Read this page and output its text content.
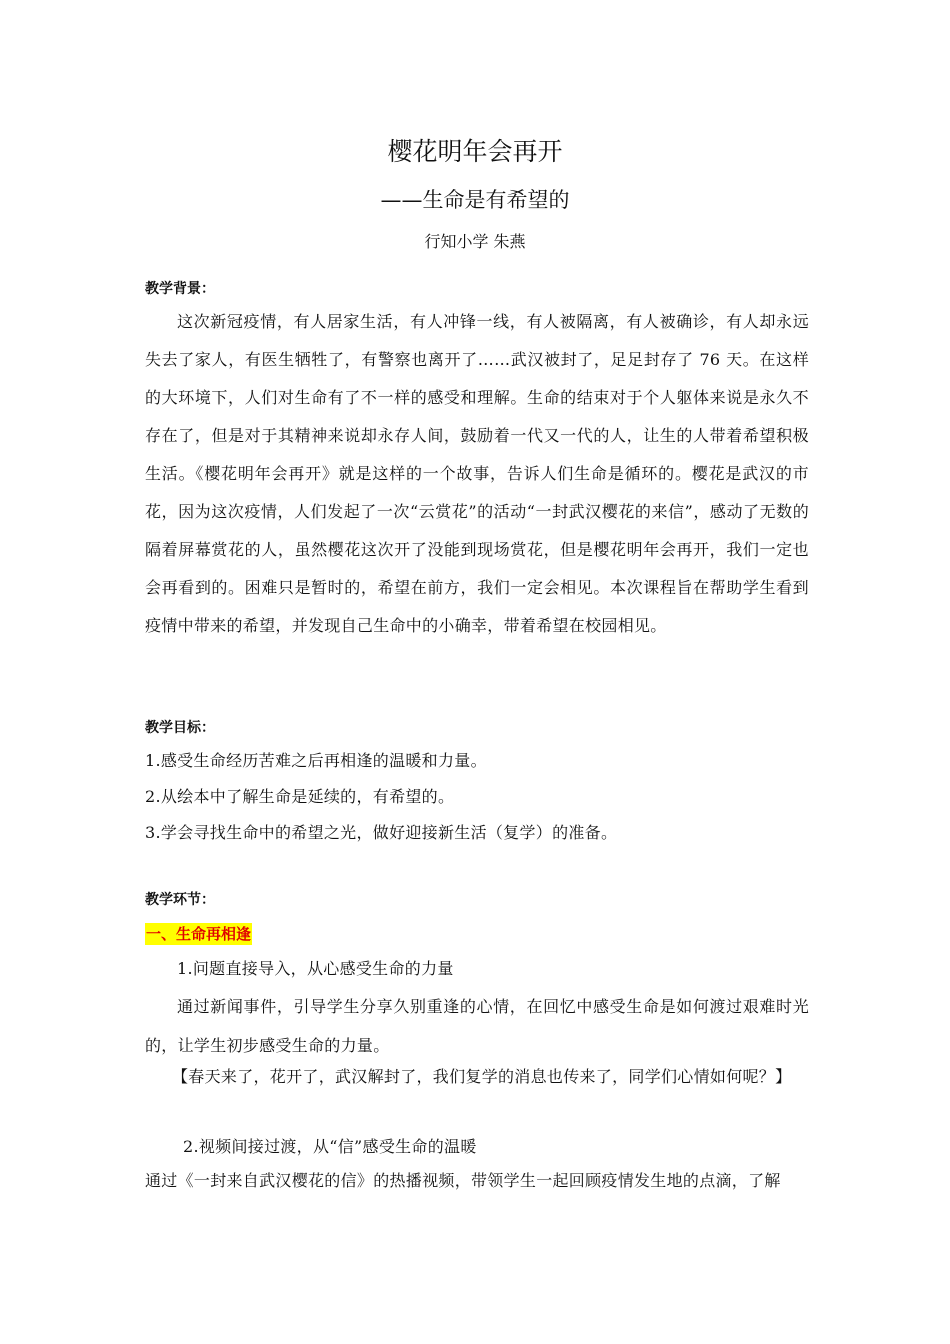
樱花明年会再开
——生命是有希望的
行知小学 朱燕
教学背景：

这次新冠疫情，有人居家生活，有人冲锋一线，有人被隔离，有人被确诊，有人却永远失去了家人，有医生牺牲了，有警察也离开了……武汉被封了，足足封存了 76 天。在这样的大环境下，人们对生命有了不一样的感受和理解。生命的结束对于个人躯体来说是永久不存在了，但是对于其精神来说却永存人间，鼓励着一代又一代的人，让生的人带着希望积极生活。《樱花明年会再开》就是这样的一个故事，告诉人们生命是循环的。樱花是武汉的市花，因为这次疫情，人们发起了一次“云赏花”的活动“一封武汉樱花的来信”，感动了无数的隔着屏幕赏花的人，虽然樱花这次开了没能到现场赏花，但是樱花明年会再开，我们一定也会再看到的。困难只是暂时的，希望在前方，我们一定会相见。本次课程旨在帮助学生看到疫情中带来的希望，并发现自己生命中的小确幸，带着希望在校园相见。

教学目标：
1.感受生命经历苦难之后再相逢的温暖和力量。
2.从绘本中了解生命是延续的，有希望的。
3.学会寻找生命中的希望之光，做好迎接新生活（复学）的准备。
教学环节：
一、生命再相逢
1.问题直接导入，从心感受生命的力量

通过新闻事件，引导学生分享久别重逢的心情，在回忆中感受生命是如何渡过艰难时光的，让学生初步感受生命的力量。

【春天来了，花开了，武汉解封了，我们复学的消息也传来了，同学们心情如何呢？】

2.视频间接过渡，从“信”感受生命的温暖
通过《一封来自武汉樱花的信》的热播视频，带领学生一起回顾疫情发生地的点滴，了解
